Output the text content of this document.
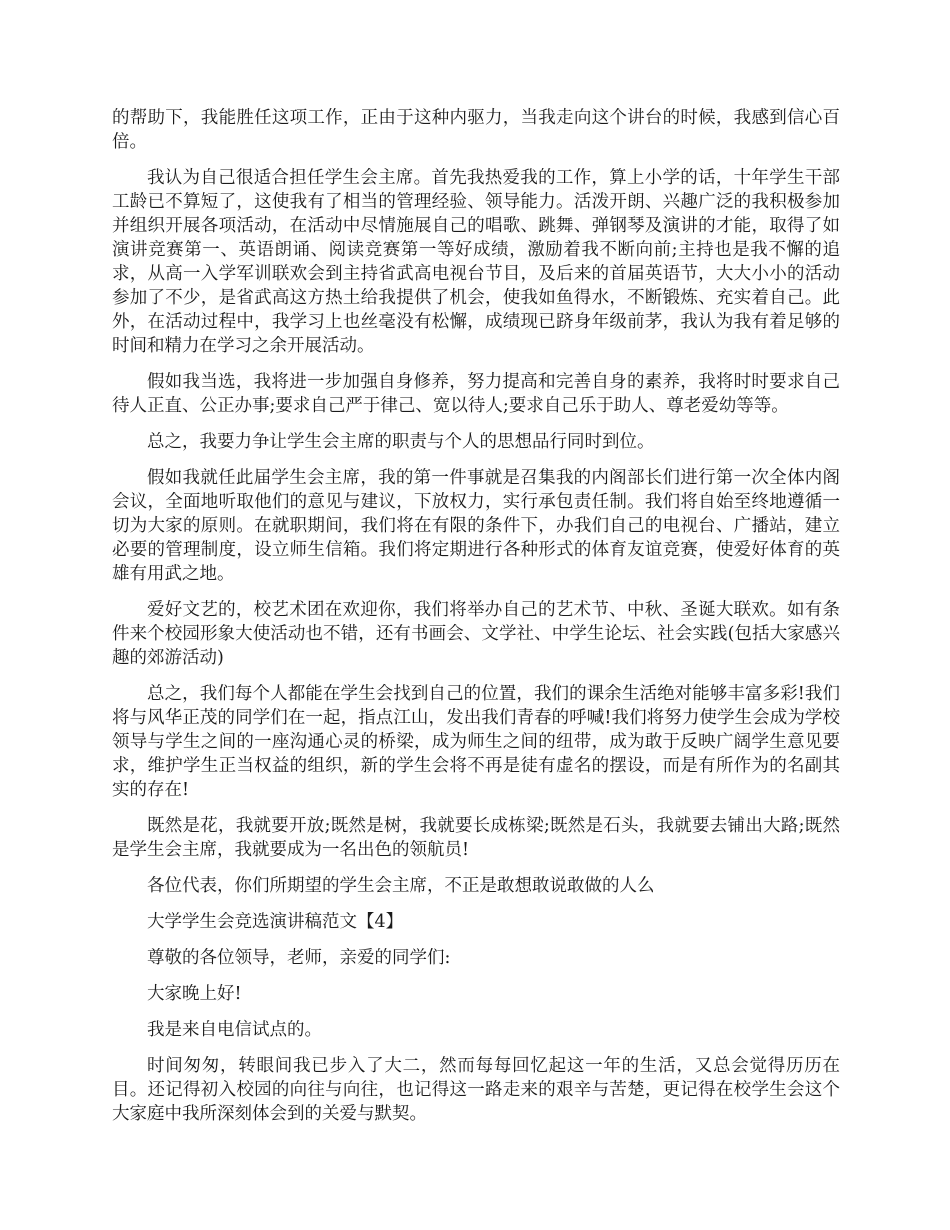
的帮助下，我能胜任这项工作，正由于这种内驱力，当我走向这个讲台的时候，我感到信心百倍。

我认为自己很适合担任学生会主席。首先我热爱我的工作，算上小学的话，十年学生干部工龄已不算短了，这使我有了相当的管理经验、领导能力。活泼开朗、兴趣广泛的我积极参加并组织开展各项活动，在活动中尽情施展自己的唱歌、跳舞、弹钢琴及演讲的才能，取得了如演讲竞赛第一、英语朗诵、阅读竞赛第一等好成绩，激励着我不断向前;主持也是我不懈的追求，从高一入学军训联欢会到主持省武高电视台节目，及后来的首届英语节，大大小小的活动参加了不少，是省武高这方热土给我提供了机会，使我如鱼得水，不断锻炼、充实着自己。此外，在活动过程中，我学习上也丝毫没有松懈，成绩现已跻身年级前茅，我认为我有着足够的时间和精力在学习之余开展活动。

假如我当选，我将进一步加强自身修养，努力提高和完善自身的素养，我将时时要求自己待人正直、公正办事;要求自己严于律己、宽以待人;要求自己乐于助人、尊老爱幼等等。

总之，我要力争让学生会主席的职责与个人的思想品行同时到位。

假如我就任此届学生会主席，我的第一件事就是召集我的内阁部长们进行第一次全体内阁会议，全面地听取他们的意见与建议，下放权力，实行承包责任制。我们将自始至终地遵循一切为大家的原则。在就职期间，我们将在有限的条件下，办我们自己的电视台、广播站，建立必要的管理制度，设立师生信箱。我们将定期进行各种形式的体育友谊竞赛，使爱好体育的英雄有用武之地。

爱好文艺的，校艺术团在欢迎你，我们将举办自己的艺术节、中秋、圣诞大联欢。如有条件来个校园形象大使活动也不错，还有书画会、文学社、中学生论坛、社会实践(包括大家感兴趣的郊游活动)

总之，我们每个人都能在学生会找到自己的位置，我们的课余生活绝对能够丰富多彩!我们将与风华正茂的同学们在一起，指点江山，发出我们青春的呼喊!我们将努力使学生会成为学校领导与学生之间的一座沟通心灵的桥梁，成为师生之间的纽带，成为敢于反映广阔学生意见要求，维护学生正当权益的组织，新的学生会将不再是徒有虚名的摆设，而是有所作为的名副其实的存在!

既然是花，我就要开放;既然是树，我就要长成栋梁;既然是石头，我就要去铺出大路;既然是学生会主席，我就要成为一名出色的领航员!

各位代表，你们所期望的学生会主席，不正是敢想敢说敢做的人么

大学学生会竞选演讲稿范文【4】

尊敬的各位领导，老师，亲爱的同学们:

大家晚上好!

我是来自电信试点的。

时间匆匆，转眼间我已步入了大二，然而每每回忆起这一年的生活，又总会觉得历历在目。还记得初入校园的向往与向往，也记得这一路走来的艰辛与苦楚，更记得在校学生会这个大家庭中我所深刻体会到的关爱与默契。
